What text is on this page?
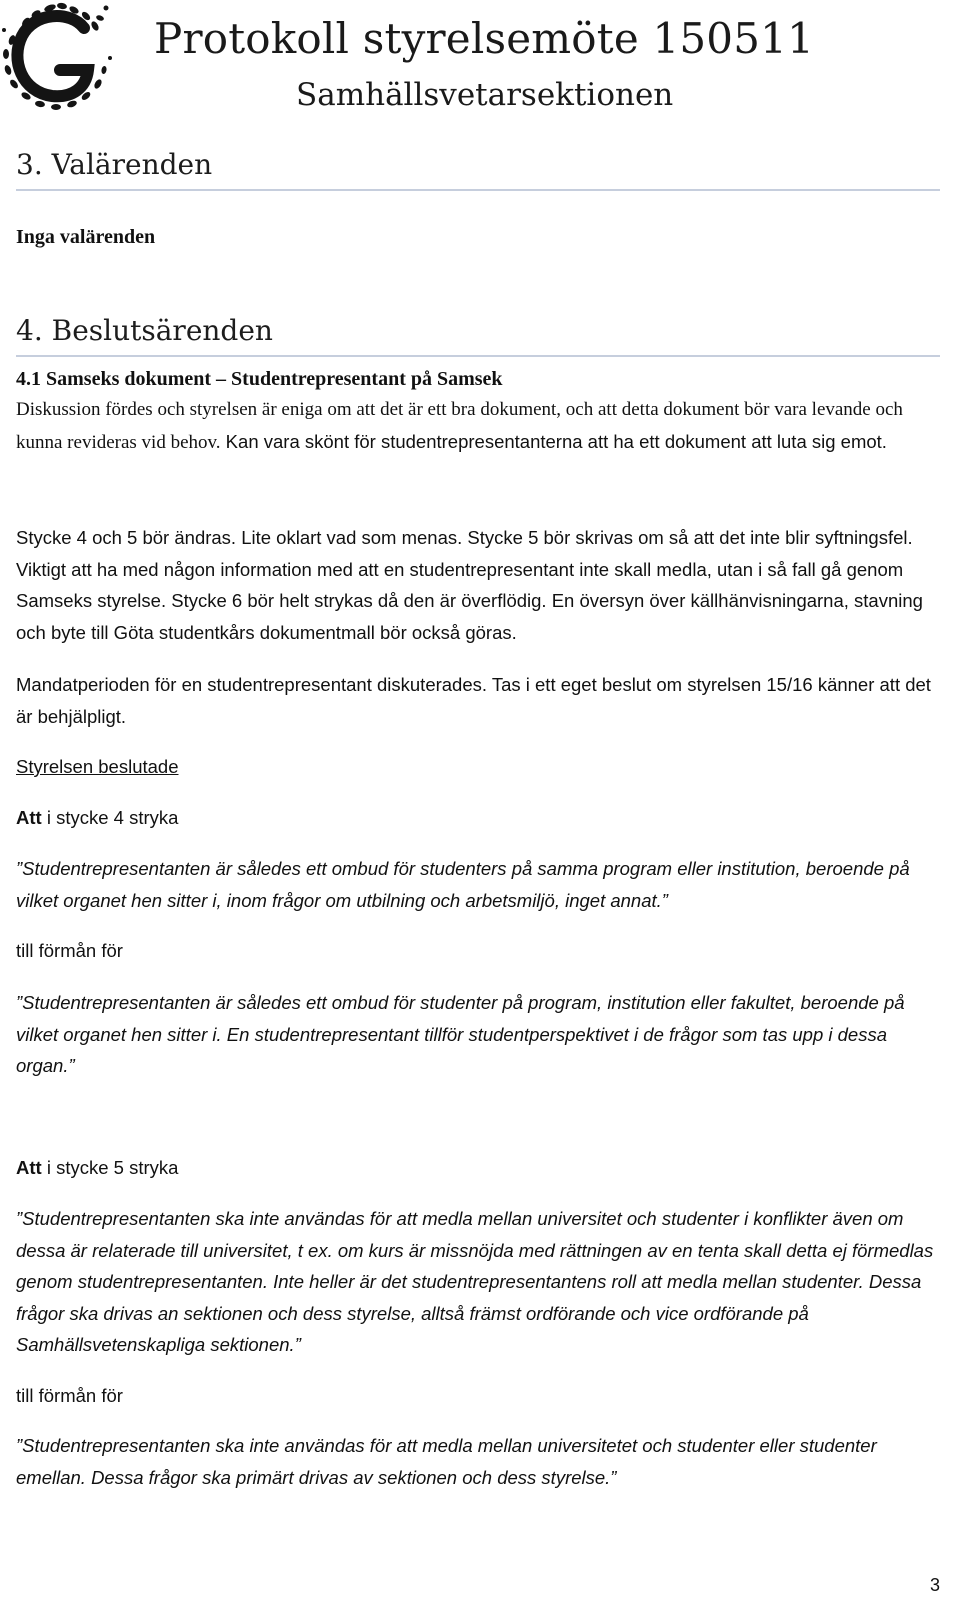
Protokoll styrelsemöte 150511
Samhällsvetarsektionen
3. Valärenden

Inga valärenden

4. Beslutsärenden

4.1 Samseks dokument – Studentrepresentant på Samsek

Diskussion fördes och styrelsen är eniga om att det är ett bra dokument, och att detta dokument bör vara levande och kunna revideras vid behov. Kan vara skönt för studentrepresentanterna att ha ett dokument att luta sig emot.

Stycke 4 och 5 bör ändras. Lite oklart vad som menas. Stycke 5 bör skrivas om så att det inte blir syftningsfel. Viktigt att ha med någon information med att en studentrepresentant inte skall medla, utan i så fall gå genom Samseks styrelse. Stycke 6 bör helt strykas då den är överflödig. En översyn över källhänvisningarna, stavning och byte till Göta studentkårs dokumentmall bör också göras.

Mandatperioden för en studentrepresentant diskuterades. Tas i ett eget beslut om styrelsen 15/16 känner att det är behjälpligt.

Styrelsen beslutade

Att i stycke 4 stryka

”Studentrepresentanten är således ett ombud för studenters på samma program eller institution, beroende på vilket organet hen sitter i, inom frågor om utbilning och arbetsmiljö, inget annat.”

till förmån för

”Studentrepresentanten är således ett ombud för studenter på program, institution eller fakultet, beroende på vilket organet hen sitter i. En studentrepresentant tillför studentperspektivet i de frågor som tas upp i dessa organ.”

Att i stycke 5 stryka

”Studentrepresentanten ska inte användas för att medla mellan universitet och studenter i konflikter även om dessa är relaterade till universitet, t ex. om kurs är missnöjda med rättningen av en tenta skall detta ej förmedlas genom studentrepresentanten. Inte heller är det studentrepresentantens roll att medla mellan studenter. Dessa frågor ska drivas an sektionen och dess styrelse, alltså främst ordförande och vice ordförande på Samhällsvetenskapliga sektionen.”

till förmån för

”Studentrepresentanten ska inte användas för att medla mellan universitetet och studenter eller studenter emellan. Dessa frågor ska primärt drivas av sektionen och dess styrelse.”

3
